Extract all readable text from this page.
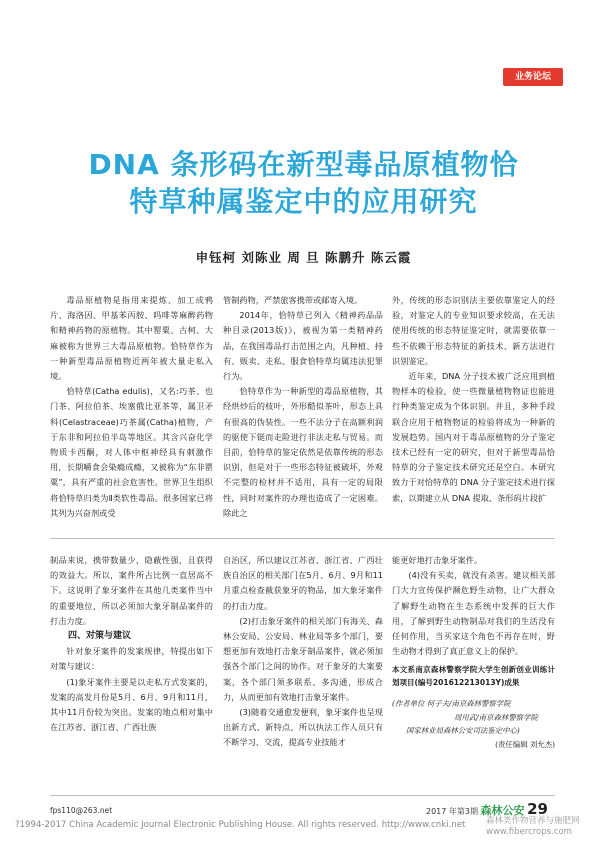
业务论坛
DNA 条形码在新型毒品原植物恰
特草种属鉴定中的应用研究
申钰柯 刘陈业 周 旦 陈鹏升 陈云霞

毒品原植物是指用来提炼、加工成鸦片、海洛因、甲基苯丙胺、吗啡等麻醉药物和精神药物的原植物。其中罂粟、古柯、大麻被称为世界三大毒品原植物。恰特草作为一种新型毒品原植物近两年被大量走私入境。

恰特草(Catha edulis)，又名:巧茶、也门茶、阿拉伯茶、埃塞俄比亚茶等，属卫矛科(Celastraceae)巧茶属(Catha)植物，产于东非和阿拉伯半岛等地区。其含兴奋化学物质卡西酮，对人体中枢神经具有刺激作用，长期嚼食会染瘾成瘾，又被称为“东非罂粟”，具有严重的社会危害性。世界卫生组织将恰特草归类为Ⅱ类软性毒品。很多国家已将其列为兴奋剂或受

管制药物，严禁旅客携带或邮寄入境。

2014年，恰特草已列入《精神药品品种目录(2013版)》，被视为第一类精神药品，在我国毒品打击范围之内，凡种植、持有、贩卖、走私、服食恰特草均属违法犯罪行为。

恰特草作为一种新型的毒品原植物，其经烘炒后的枝叶，外形酷似茶叶，形态上具有很高的伪装性。一些不法分子在高额利润的驱使下铤而走险进行非法走私与贸易。而目前，恰特草的鉴定依然是依靠传统的形态识别，但是对于一些形态特征被破坏，外观不完整的检材并不适用，具有一定的局限性，同时对案件的办理也造成了一定困难。除此之

外，传统的形态识别法主要依靠鉴定人的经验，对鉴定人的专业知识要求较高，在无法使用传统的形态特征鉴定时，就需要依靠一些不依赖于形态特征的新技术、新方法进行识别鉴定。

近年来，DNA 分子技术被广泛应用到植物样本的检验，使一些微量植物物证也能进行种类鉴定成为个体识别。并且，多种手段联合应用于植物物证的检验将成为一种新的发展趋势。国内对于毒品原植物的分子鉴定技术已经有一定的研究，但对于新型毒品恰特草的分子鉴定技术研究还是空白。本研究致力于对恰特草的 DNA 分子鉴定技术进行探索，以期建立从 DNA 提取、条形码片段扩

制品来说，携带数量少，隐蔽性强，且获得的效益大。所以，案件所占比例一直居高不下。这说明了象牙案件在其他几类案件当中的重要地位，所以必须加大象牙制品案件的打击力度。

四、对策与建议

针对象牙案件的发案规律，特提出如下对策与建议：

(1)象牙案件主要是以走私方式发案的，发案的高发月份是5月、6月、9月和11月，其中11月份较为突出。发案的地点相对集中在江苏省、浙江省、广西壮族

自治区，所以建议江苏省、浙江省、广西壮族自治区的相关部门在5月、6月、9月和11月重点检查截获象牙的物品，加大象牙案件的打击力度。

(2)打击象牙案件的相关部门有海关、森林公安局、公安局、林业局等多个部门，要想更加有效地打击象牙制品案件，就必须加强各个部门之间的协作。对于象牙的大案要案，各个部门须多联系、多沟通，形成合力，从而更加有效地打击象牙案件。

(3)随着交通愈发便利，象牙案件也呈现出新方式、新特点，所以执法工作人员只有不断学习、交流，提高专业技能才

能更好地打击象牙案件。

(4)没有买卖，就没有杀害。建议相关部门大力宣传保护濒危野生动物，让广大群众了解野生动物在生态系统中发挥的巨大作用，了解到野生动物制品对我们的生活没有任何作用，当买家这个角色不再存在时，野生动物才得到了真正意义上的保护。

本文系南京森林警察学院大学生创新创业训练计划项目(编号201612213013Y)成果

(作者单位 何子夫/南京森林警察学院

周用武/南京森林警察学院

国家林业局森林公安司法鉴定中心)

(责任编辑 刘允杰)

fps110@263.net	2017 年第3期 森林公安 29
?1994-2017 China Academic Journal Electronic Publishing House. All rights reserved. http://www.cnki.net 森林类作物营养与施肥网
www.fibercrops.com
